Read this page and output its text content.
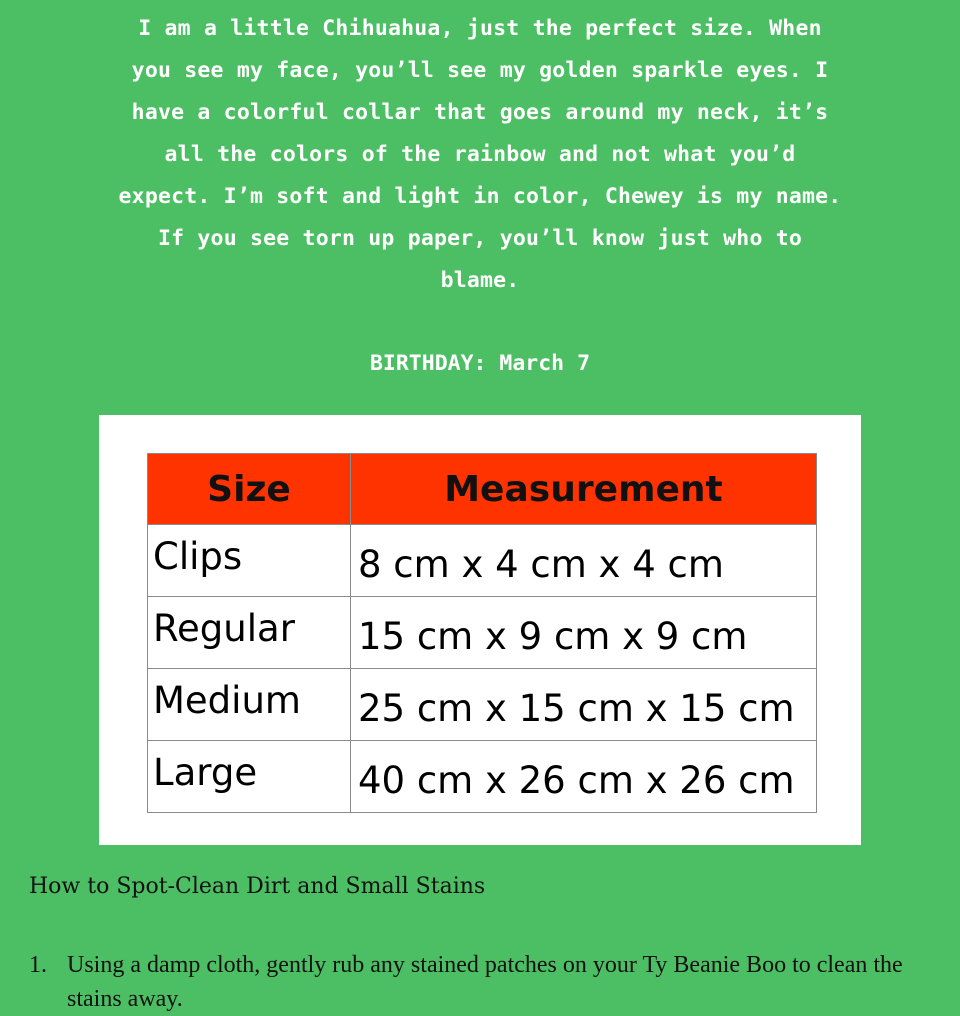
I am a little Chihuahua, just the perfect size. When
you see my face, you’ll see my golden sparkle eyes. I
have a colorful collar that goes around my neck, it’s
all the colors of the rainbow and not what you’d
expect. I’m soft and light in color, Chewey is my name.
If you see torn up paper, you’ll know just who to
blame.
BIRTHDAY: March 7
Size	Measurement
Clips	8 cm x 4 cm x 4 cm
Regular	15 cm x 9 cm x 9 cm
Medium	25 cm x 15 cm x 15 cm
Large	40 cm x 26 cm x 26 cm
How to Spot-Clean Dirt and Small Stains
1. Using a damp cloth, gently rub any stained patches on your Ty Beanie Boo to clean the stains away.
